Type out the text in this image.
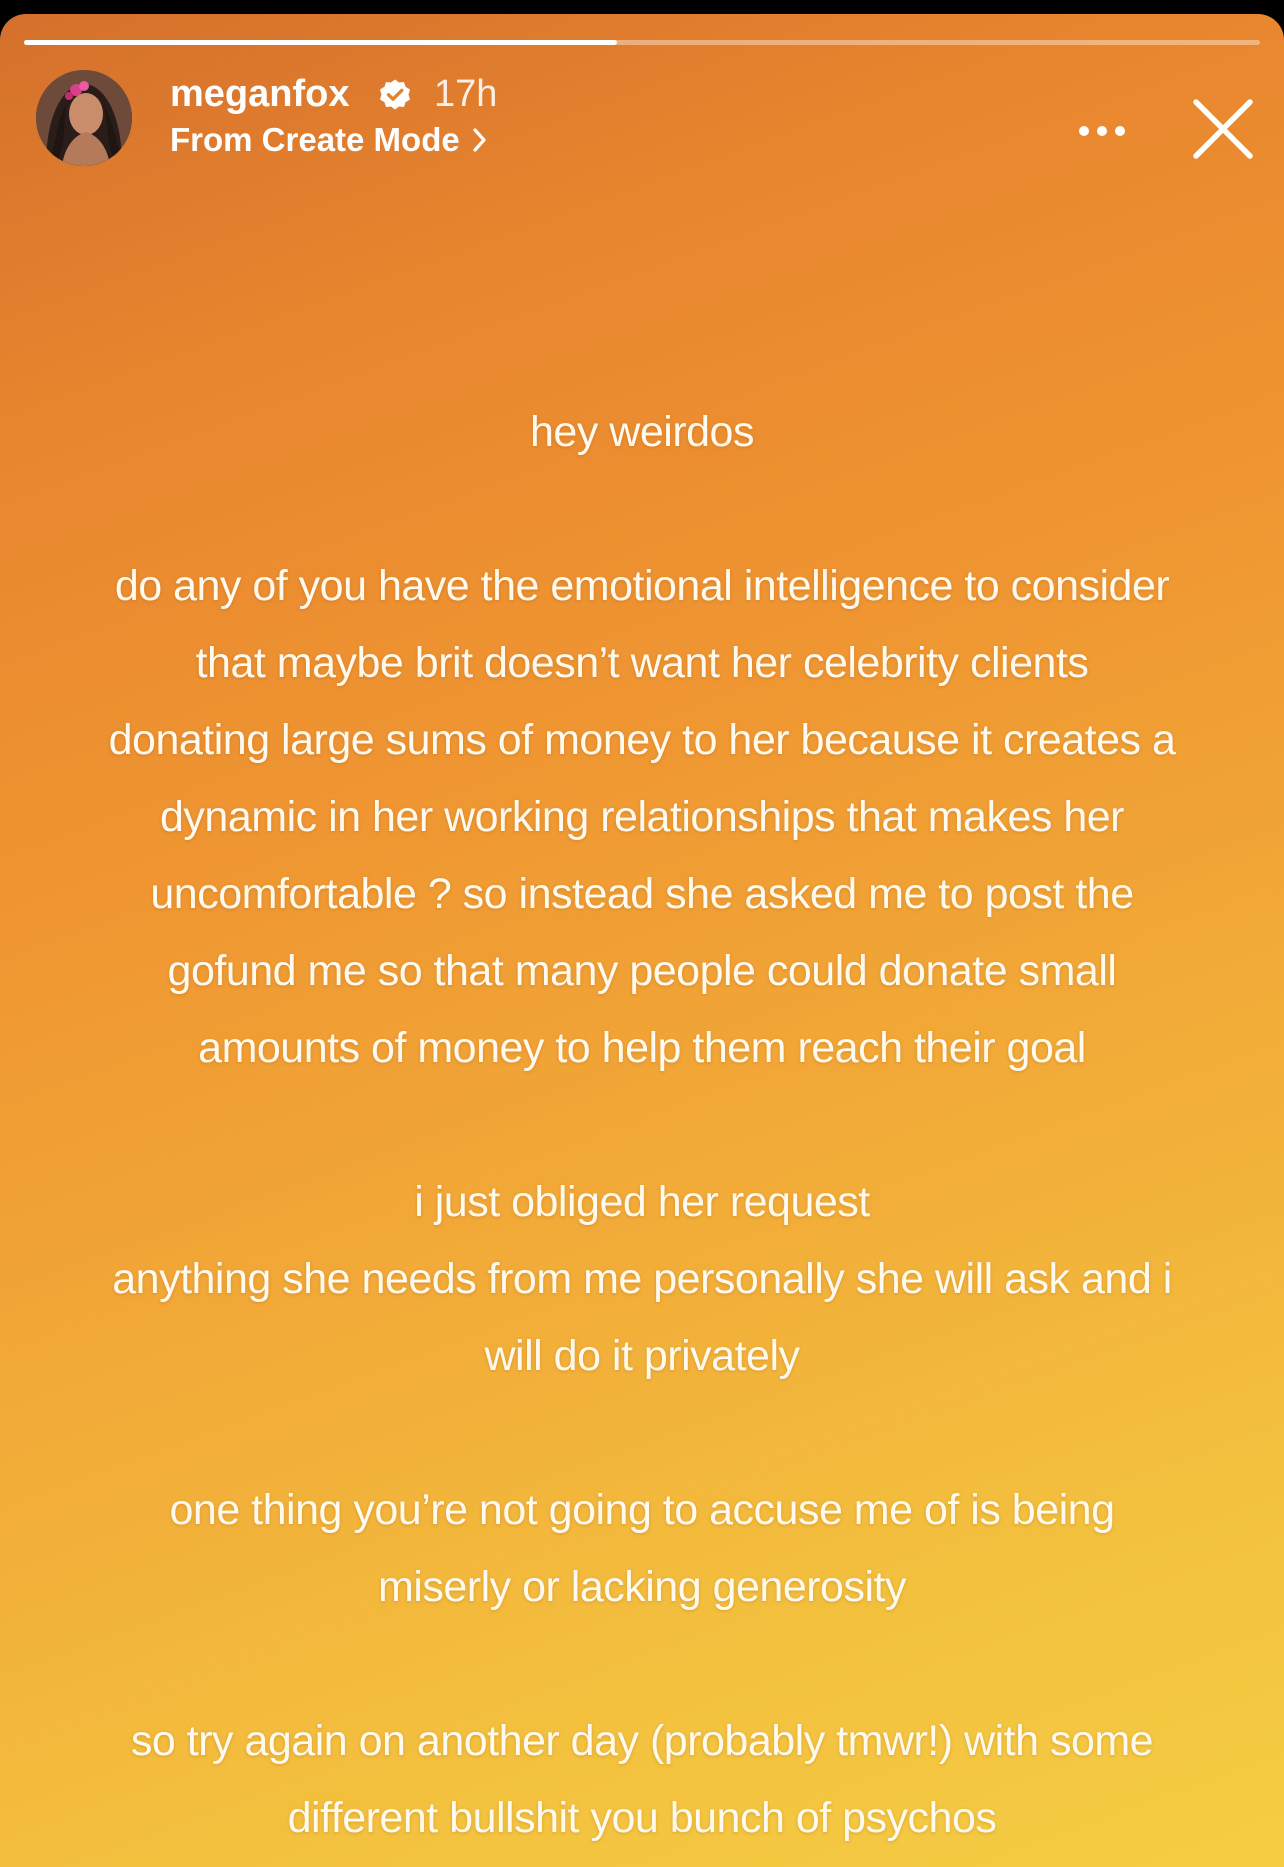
meganfox 17h
From Create Mode

hey weirdos

do any of you have the emotional intelligence to consider
that maybe brit doesn’t want her celebrity clients
donating large sums of money to her because it creates a
dynamic in her working relationships that makes her
uncomfortable ? so instead she asked me to post the
gofund me so that many people could donate small
amounts of money to help them reach their goal

i just obliged her request
anything she needs from me personally she will ask and i
will do it privately

one thing you’re not going to accuse me of is being
miserly or lacking generosity

so try again on another day (probably tmwr!) with some
different bullshit you bunch of psychos
